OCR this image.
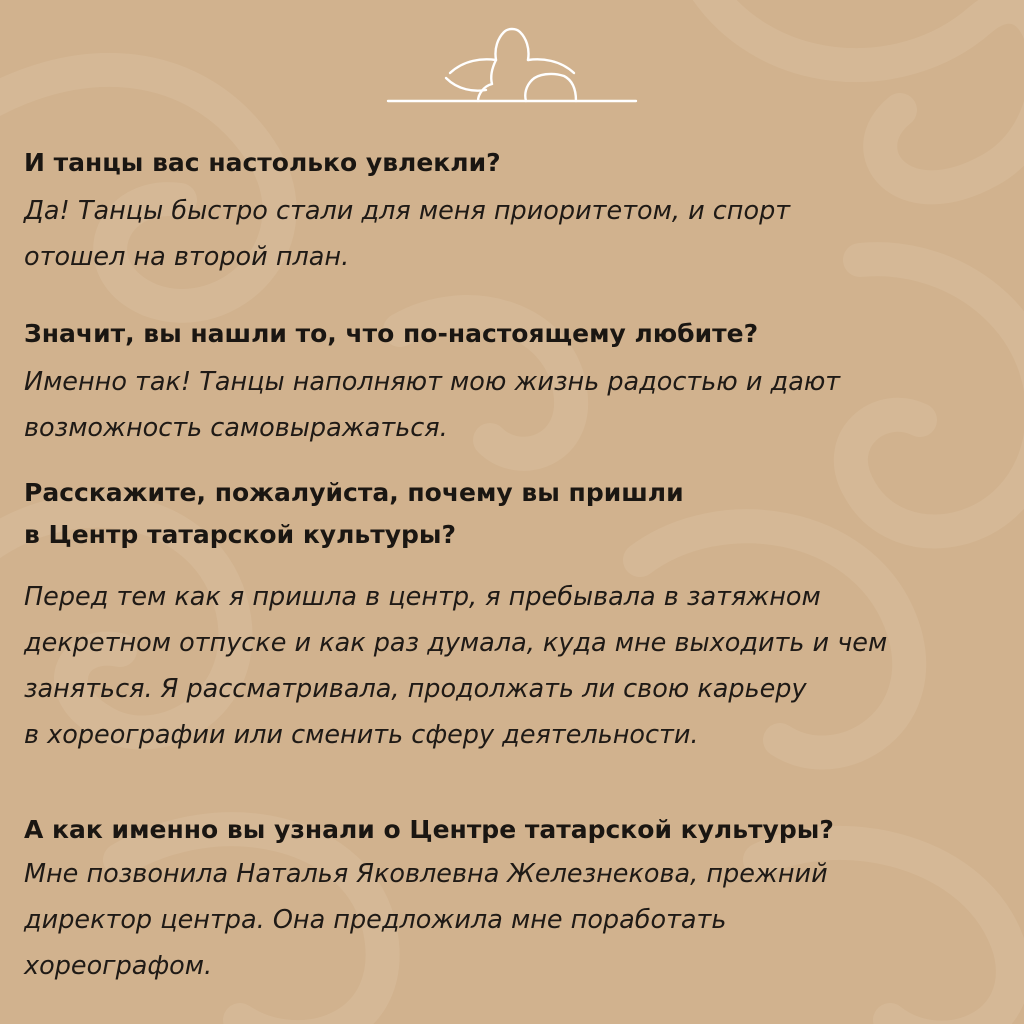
И танцы вас настолько увлекли?

Да! Танцы быстро стали для меня приоритетом, и спорт

отошел на второй план.

Значит, вы нашли то, что по-настоящему любите?

Именно так! Танцы наполняют мою жизнь радостью и дают

возможность самовыражаться.

Расскажите, пожалуйста, почему вы пришли

в Центр татарской культуры?

Перед тем как я пришла в центр, я пребывала в затяжном

декретном отпуске и как раз думала, куда мне выходить и чем

заняться. Я рассматривала, продолжать ли свою карьеру

в хореографии или сменить сферу деятельности.

А как именно вы узнали о Центре татарской культуры?

Мне позвонила Наталья Яковлевна Железнекова, прежний

директор центра. Она предложила мне поработать

хореографом.
